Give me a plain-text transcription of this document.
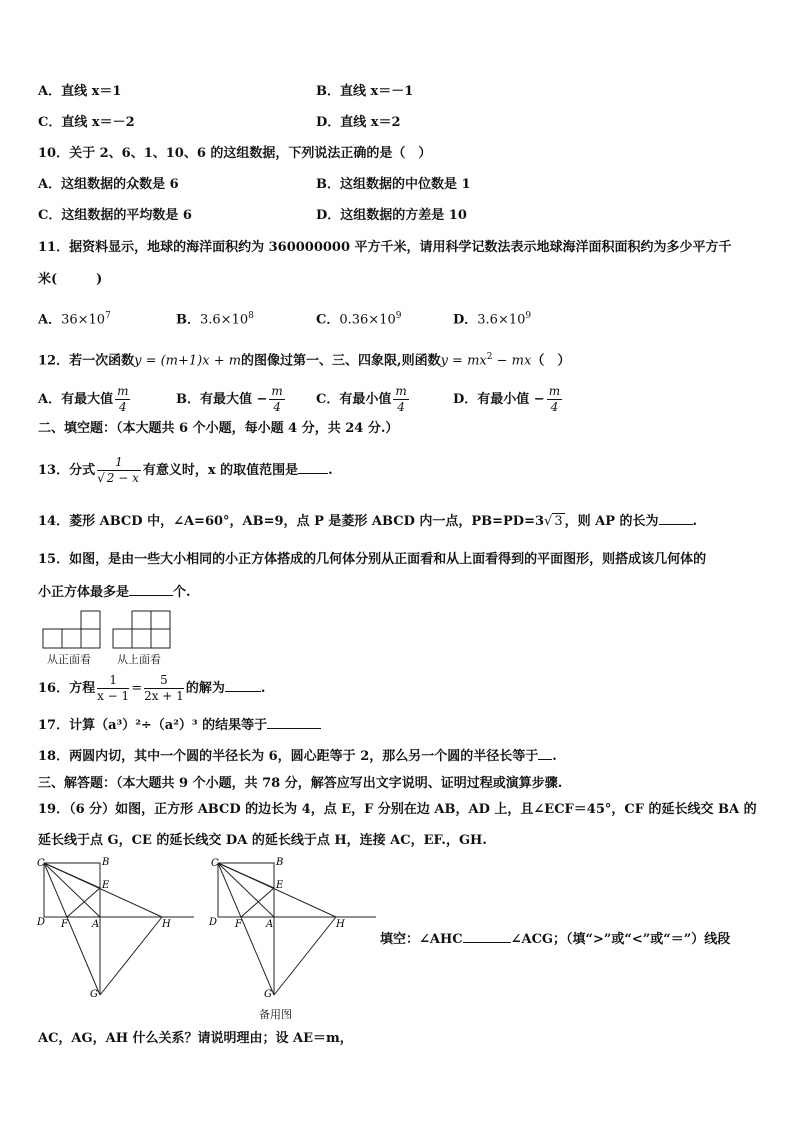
A．直线 x＝1	B．直线 x＝－1
C．直线 x＝－2	D．直线 x＝2
10．关于 2、6、1、10、6 的这组数据，下列说法正确的是（　）
A．这组数据的众数是 6	B．这组数据的中位数是 1
C．这组数据的平均数是 6	D．这组数据的方差是 10
11．据资料显示，地球的海洋面积约为 360000000 平方千米，请用科学记数法表示地球海洋面积面积约为多少平方千
米(　　　)
A．$36\times 10^7$	B．$3.6\times 10^8$	C．$0.36\times 10^9$	D．$3.6\times 10^9$
12．若一次函数y = (m+1)x + m的图像过第一、三、四象限,则函数$y = mx^2 - mx$（　）
A．有最大值 $\frac{m}{4}$	B．有最大值 − $\frac{m}{4}$ C．有最小值 $\frac{m}{4}$	D．有最小值 − $\frac{m}{4}$
二、填空题：（本大题共 6 个小题，每小题 4 分，共 24 分.）
13．分式 $\frac{1}{√ 2 - x}$ 有意义时，x 的取值范围是 .
14．菱形 ABCD 中，∠A=60°，AB=9，点 P 是菱形 ABCD 内一点，PB=PD=3√ 3 ，则 AP 的长为	.
15．如图，是由一些大小相同的小正方体搭成的几何体分别从正面看和从上面看得到的平面图形，则搭成该几何体的
小正方体最多是	个.
从正面看 从上面看
16．方程 $\frac{1}{x - 1} = \frac{5}{2x + 1}$ 的解为	.
17．计算（a³）²÷（a²）³ 的结果等于
18．两圆内切，其中一个圆的半径长为 6，圆心距等于 2，那么另一个圆的半径长等于 .
三、解答题：（本大题共 9 个小题，共 78 分，解答应写出文字说明、证明过程或演算步骤.
19．（6 分）如图，正方形 ABCD 的边长为 4，点 E，F 分别在边 AB，AD 上，且∠ECF＝45°，CF 的延长线交 BA 的
延长线于点 G，CE 的延长线交 DA 的延长线于点 H，连接 AC，EF.，GH.
C	B
E
D F A	H
G
C	B
E
D F A	H
G
备用图
填空：∠AHC	∠ACG；（填“>”或“<”或“＝”）线段
AC，AG，AH 什么关系？请说明理由；设 AE＝m，
